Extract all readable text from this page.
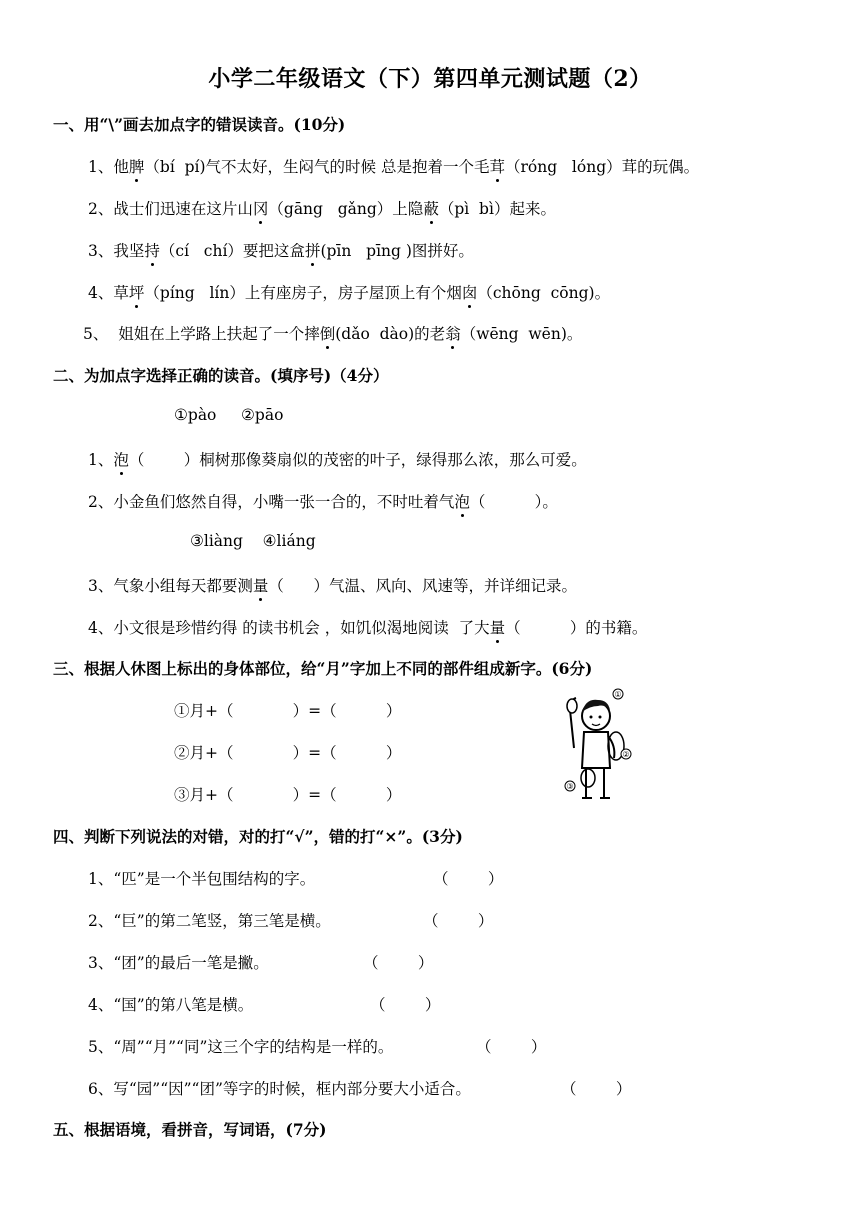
小学二年级语文（下）第四单元测试题（2）
一、用“\”画去加点字的错误读音。(10分)
1、他脾（bí  pí)气不太好，生闷气的时候 总是抱着一个毛茸（róng   lóng）茸的玩偶。
2、战士们迅速在这片山冈（gāng   gǎng）上隐蔽（pì  bì）起来。
3、我坚持（cí   chí）要把这盒拼(pīn   pīng )图拼好。
4、草坪（píng   lín）上有座房子，房子屋顶上有个烟囱（chōng  cōng)。
5、  姐姐在上学路上扶起了一个摔倒(dǎo  dào)的老翁（wēng  wēn)。
二、为加点字选择正确的读音。(填序号)（4分）
①pào     ②pāo
1、泡（        ）桐树那像葵扇似的茂密的叶子，绿得那么浓，那么可爱。
2、小金鱼们悠然自得，小嘴一张一合的，不时吐着气泡（          ）。
③liàng    ④liáng
3、气象小组每天都要测量（      ）气温、风向、风速等，并详细记录。
4、小文很是珍惜约得 的读书机会 ，如饥似渴地阅读  了大量（          ）的书籍。
三、根据人休图上标出的身体部位，给“月”字加上不同的部件组成新字。(6分)
①月+（            ）=（          ）
②月+（            ）=（          ）
③月+（            ）=（          ）
①
②
③
四、判断下列说法的对错，对的打“√”，错的打“×”。(3分)
1、“匹”是一个半包围结构的字。	（        ）
2、“巨”的第二笔竖，第三笔是横。	（        ）
3、“团”的最后一笔是撇。	（        ）
4、“国”的第八笔是横。	（        ）
5、“周”“月”“同”这三个字的结构是一样的。	（        ）
6、写“园”“因”“团”等字的时候，框内部分要大小适合。	（        ）
五、根据语境，看拼音，写词语，(7分)
